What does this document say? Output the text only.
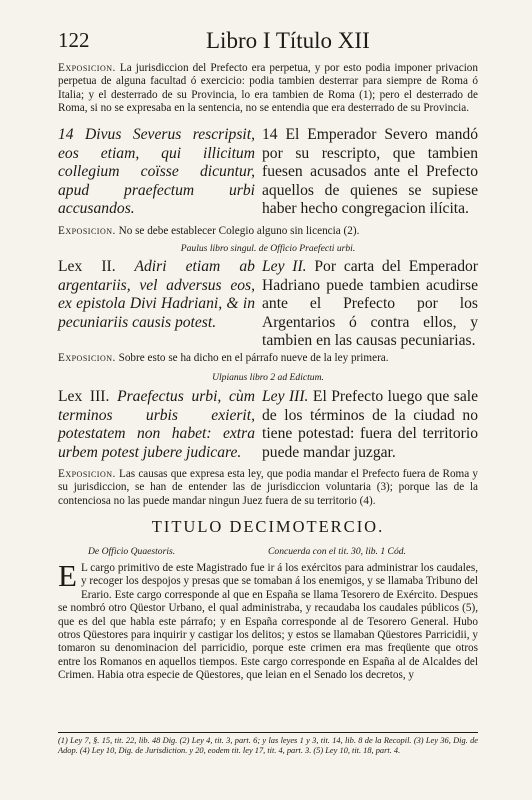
122	Libro I Título XII
Exposicion. La jurisdiccion del Prefecto era perpetua, y por esto podia imponer privacion perpetua de alguna facultad ó exercicio: podia tambien desterrar para siempre de Roma ó Italia; y el desterrado de su Provincia, lo era tambien de Roma (1); pero el desterrado de Roma, si no se expresaba en la sentencia, no se entendia que era desterrado de su Provincia.
14 Divus Severus rescripsit, eos etiam, qui illicitum collegium coïsse dicuntur, apud praefectum urbi accusandos.
14 El Emperador Severo mandó por su rescripto, que tambien fuesen acusados ante el Prefecto aquellos de quienes se supiese haber hecho congregacion ilícita.
Exposicion. No se debe establecer Colegio alguno sin licencia (2).
Paulus libro singul. de Officio Praefecti urbi.
Lex II. Adiri etiam ab argentariis, vel adversus eos, ex epistola Divi Hadriani, & in pecuniariis causis potest.
Ley II. Por carta del Emperador Hadriano puede tambien acudirse ante el Prefecto por los Argentarios ó contra ellos, y tambien en las causas pecuniarias.
Exposicion. Sobre esto se ha dicho en el párrafo nueve de la ley primera.
Ulpianus libro 2 ad Edictum.
Lex III. Praefectus urbi, cùm terminos urbis exierit, potestatem non habet: extra urbem potest jubere judicare.
Ley III. El Prefecto luego que sale de los términos de la ciudad no tiene potestad: fuera del territorio puede mandar juzgar.
Exposicion. Las causas que expresa esta ley, que podia mandar el Prefecto fuera de Roma y su jurisdiccion, se han de entender las de jurisdiccion voluntaria (3); porque las de la contenciosa no las puede mandar ningun Juez fuera de su territorio (4).
TITULO DECIMOTERCIO.
De Officio Quaestoris.	Concuerda con el tit. 30, lib. 1 Cód.
E L cargo primitivo de este Magistrado fue ir á los exércitos para administrar los caudales, y recoger los despojos y presas que se tomaban á los enemigos, y se llamaba Tribuno del Erario. Este cargo corresponde al que en España se llama Tesorero de Exército. Despues se nombró otro Qüestor Urbano, el qual administraba, y recaudaba los caudales públicos (5), que es del que habla este párrafo; y en España corresponde al de Tesorero General. Hubo otros Qüestores para inquirir y castigar los delitos; y estos se llamaban Qüestores Parricidii, y tomaron su denominacion del parricidio, porque este crimen era mas freqüente que otros entre los Romanos en aquellos tiempos. Este cargo corresponde en España al de Alcaldes del Crimen. Habia otra especie de Qüestores, que leian en el Senado los decretos, y
(1) Ley 7, §. 15, tit. 22, lib. 48 Dig. (2) Ley 4, tit. 3, part. 6; y las leyes 1 y 3, tit. 14, lib. 8 de la Recopil. (3) Ley 36, Dig. de Adop. (4) Ley 10, Dig. de Jurisdiction. y 20, eodem tit. ley 17, tit. 4, part. 3. (5) Ley 10, tit. 18, part. 4.
